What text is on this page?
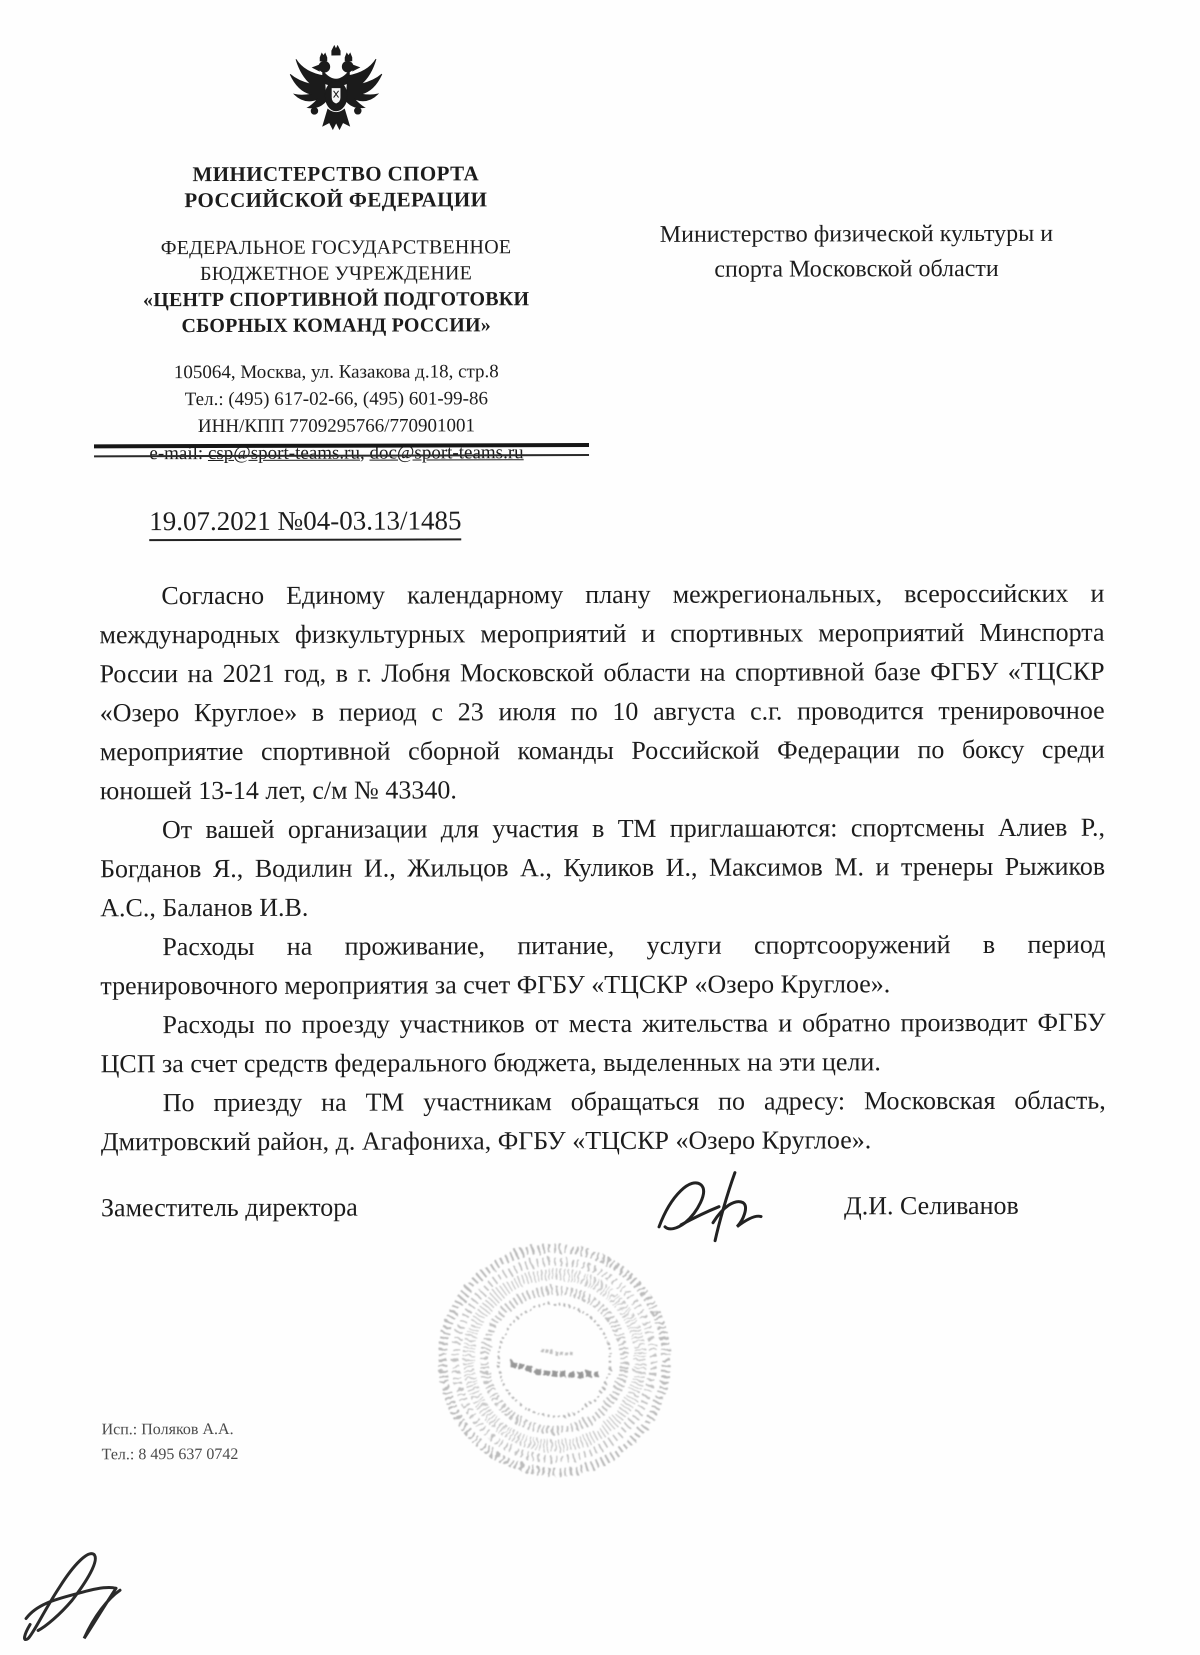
МИНИСТЕРСТВО СПОРТА
РОССИЙСКОЙ ФЕДЕРАЦИИ
ФЕДЕРАЛЬНОЕ ГОСУДАРСТВЕННОЕ
БЮДЖЕТНОЕ УЧРЕЖДЕНИЕ
«ЦЕНТР СПОРТИВНОЙ ПОДГОТОВКИ
СБОРНЫХ КОМАНД РОССИИ»
105064, Москва, ул. Казакова д.18, стр.8
Тел.: (495) 617-02-66, (495) 601-99-86
ИНН/КПП 7709295766/770901001
e-mail: csp@sport-teams.ru, doc@sport-teams.ru
Министерство физической культуры и
спорта Московской области
19.07.2021 №04-03.13/1485

Согласно Единому календарному плану межрегиональных, всероссийских и международных физкультурных мероприятий и спортивных мероприятий Минспорта России на 2021 год, в г. Лобня Московской области на спортивной базе ФГБУ «ТЦСКР «Озеро Круглое» в период с 23 июля по 10 августа с.г. проводится тренировочное мероприятие спортивной сборной команды Российской Федерации по боксу среди юношей 13-14 лет, с/м № 43340.

От вашей организации для участия в ТМ приглашаются: спортсмены Алиев Р., Богданов Я., Водилин И., Жильцов А., Куликов И., Максимов М. и тренеры Рыжиков А.С., Баланов И.В.

Расходы на проживание, питание, услуги спортсооружений в период тренировочного мероприятия за счет ФГБУ «ТЦСКР «Озеро Круглое».

Расходы по проезду участников от места жительства и обратно производит ФГБУ ЦСП за счет средств федерального бюджета, выделенных на эти цели.

По приезду на ТМ участникам обращаться по адресу: Московская область, Дмитровский район, д. Агафониха, ФГБУ «ТЦСКР «Озеро Круглое».

Заместитель директора	Д.И. Селиванов
Исп.: Поляков А.А.
Тел.: 8 495 637 0742
